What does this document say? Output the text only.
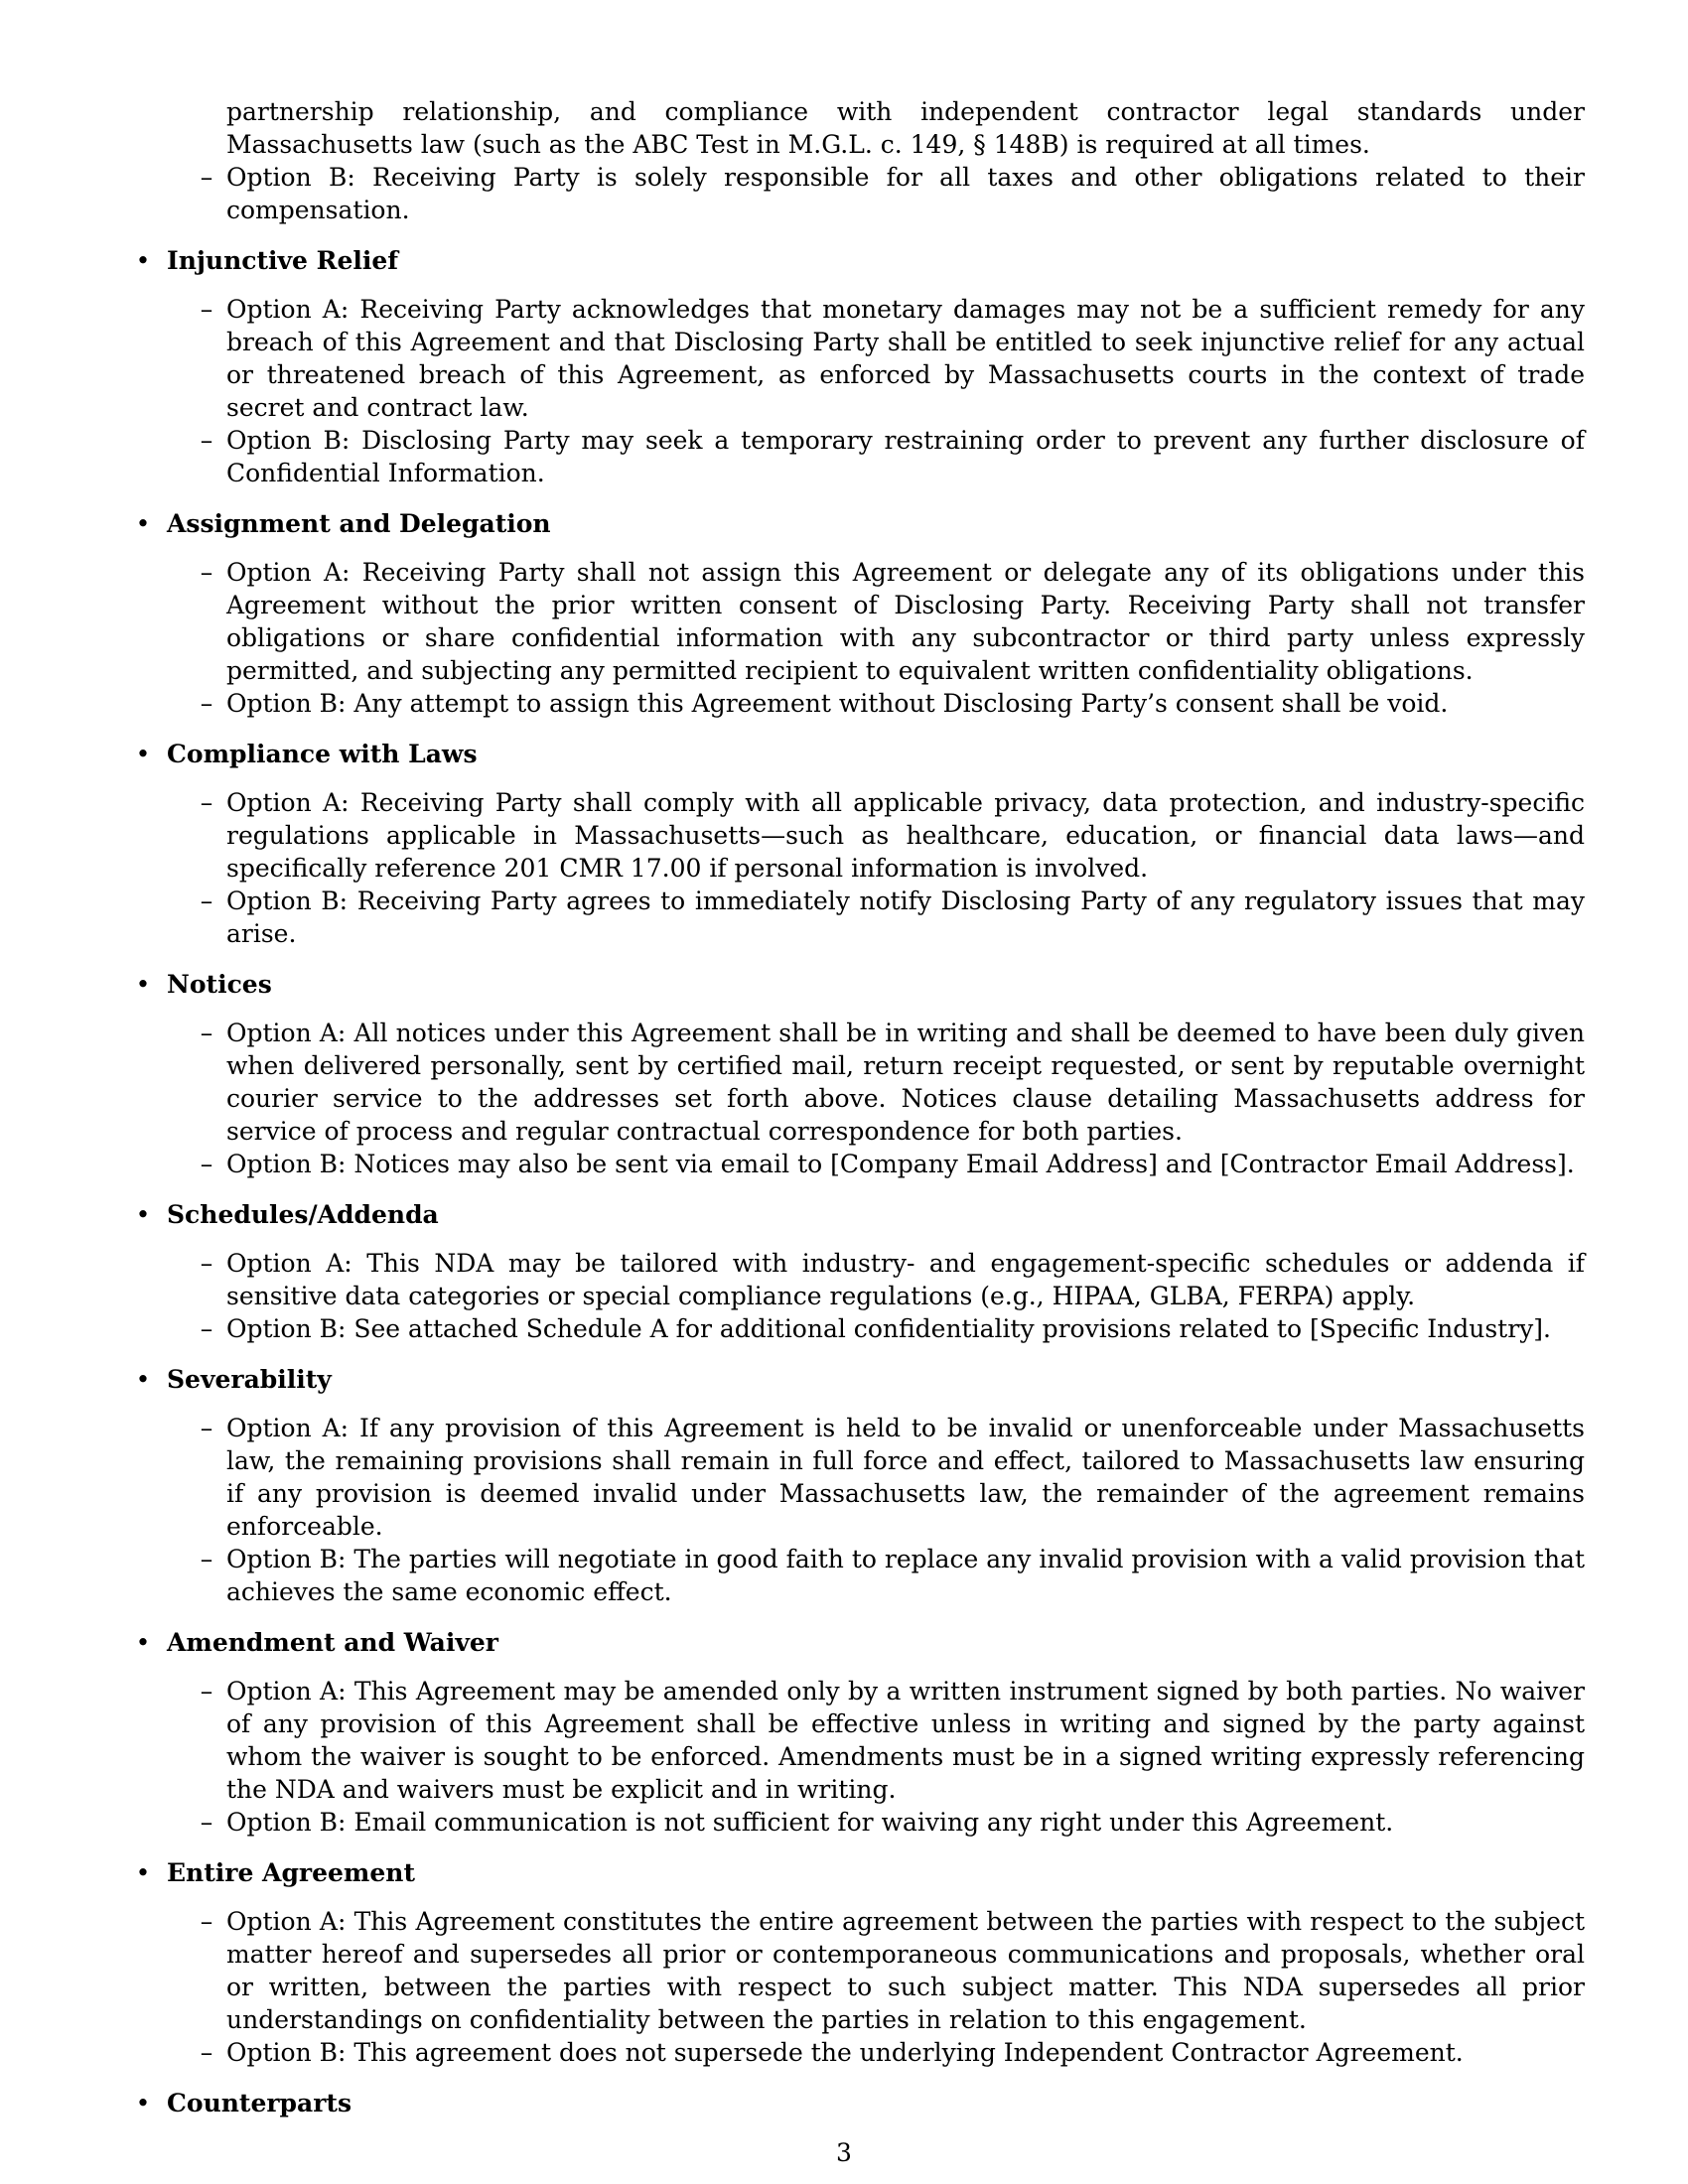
partnership relationship, and compliance with independent contractor legal standards under Massachusetts law (such as the ABC Test in M.G.L. c. 149, § 148B) is required at all times.

– Option B: Receiving Party is solely responsible for all taxes and other obligations related to their compensation.
• Injunctive Relief
– Option A: Receiving Party acknowledges that monetary damages may not be a sufficient remedy for any breach of this Agreement and that Disclosing Party shall be entitled to seek injunctive relief for any actual or threatened breach of this Agreement, as enforced by Massachusetts courts in the context of trade secret and contract law.
– Option B: Disclosing Party may seek a temporary restraining order to prevent any further disclosure of Confidential Information.
• Assignment and Delegation
– Option A: Receiving Party shall not assign this Agreement or delegate any of its obligations under this Agreement without the prior written consent of Disclosing Party. Receiving Party shall not transfer obligations or share confidential information with any subcontractor or third party unless expressly permitted, and subjecting any permitted recipient to equivalent written confidentiality obligations.
– Option B: Any attempt to assign this Agreement without Disclosing Party’s consent shall be void.
• Compliance with Laws
– Option A: Receiving Party shall comply with all applicable privacy, data protection, and industry-specific regulations applicable in Massachusetts—such as healthcare, education, or financial data laws—and specifically reference 201 CMR 17.00 if personal information is involved.
– Option B: Receiving Party agrees to immediately notify Disclosing Party of any regulatory issues that may arise.
• Notices
– Option A: All notices under this Agreement shall be in writing and shall be deemed to have been duly given when delivered personally, sent by certified mail, return receipt requested, or sent by reputable overnight courier service to the addresses set forth above. Notices clause detailing Massachusetts address for service of process and regular contractual correspondence for both parties.
– Option B: Notices may also be sent via email to [Company Email Address] and [Contractor Email Address].
• Schedules/Addenda
– Option A: This NDA may be tailored with industry- and engagement-specific schedules or addenda if sensitive data categories or special compliance regulations (e.g., HIPAA, GLBA, FERPA) apply.
– Option B: See attached Schedule A for additional confidentiality provisions related to [Specific Industry].
• Severability
– Option A: If any provision of this Agreement is held to be invalid or unenforceable under Massachusetts law, the remaining provisions shall remain in full force and effect, tailored to Massachusetts law ensuring if any provision is deemed invalid under Massachusetts law, the remainder of the agreement remains enforceable.
– Option B: The parties will negotiate in good faith to replace any invalid provision with a valid provision that achieves the same economic effect.
• Amendment and Waiver
– Option A: This Agreement may be amended only by a written instrument signed by both parties. No waiver of any provision of this Agreement shall be effective unless in writing and signed by the party against whom the waiver is sought to be enforced. Amendments must be in a signed writing expressly referencing the NDA and waivers must be explicit and in writing.
– Option B: Email communication is not sufficient for waiving any right under this Agreement.
• Entire Agreement
– Option A: This Agreement constitutes the entire agreement between the parties with respect to the subject matter hereof and supersedes all prior or contemporaneous communications and proposals, whether oral or written, between the parties with respect to such subject matter. This NDA supersedes all prior understandings on confidentiality between the parties in relation to this engagement.
– Option B: This agreement does not supersede the underlying Independent Contractor Agreement.
• Counterparts
3
